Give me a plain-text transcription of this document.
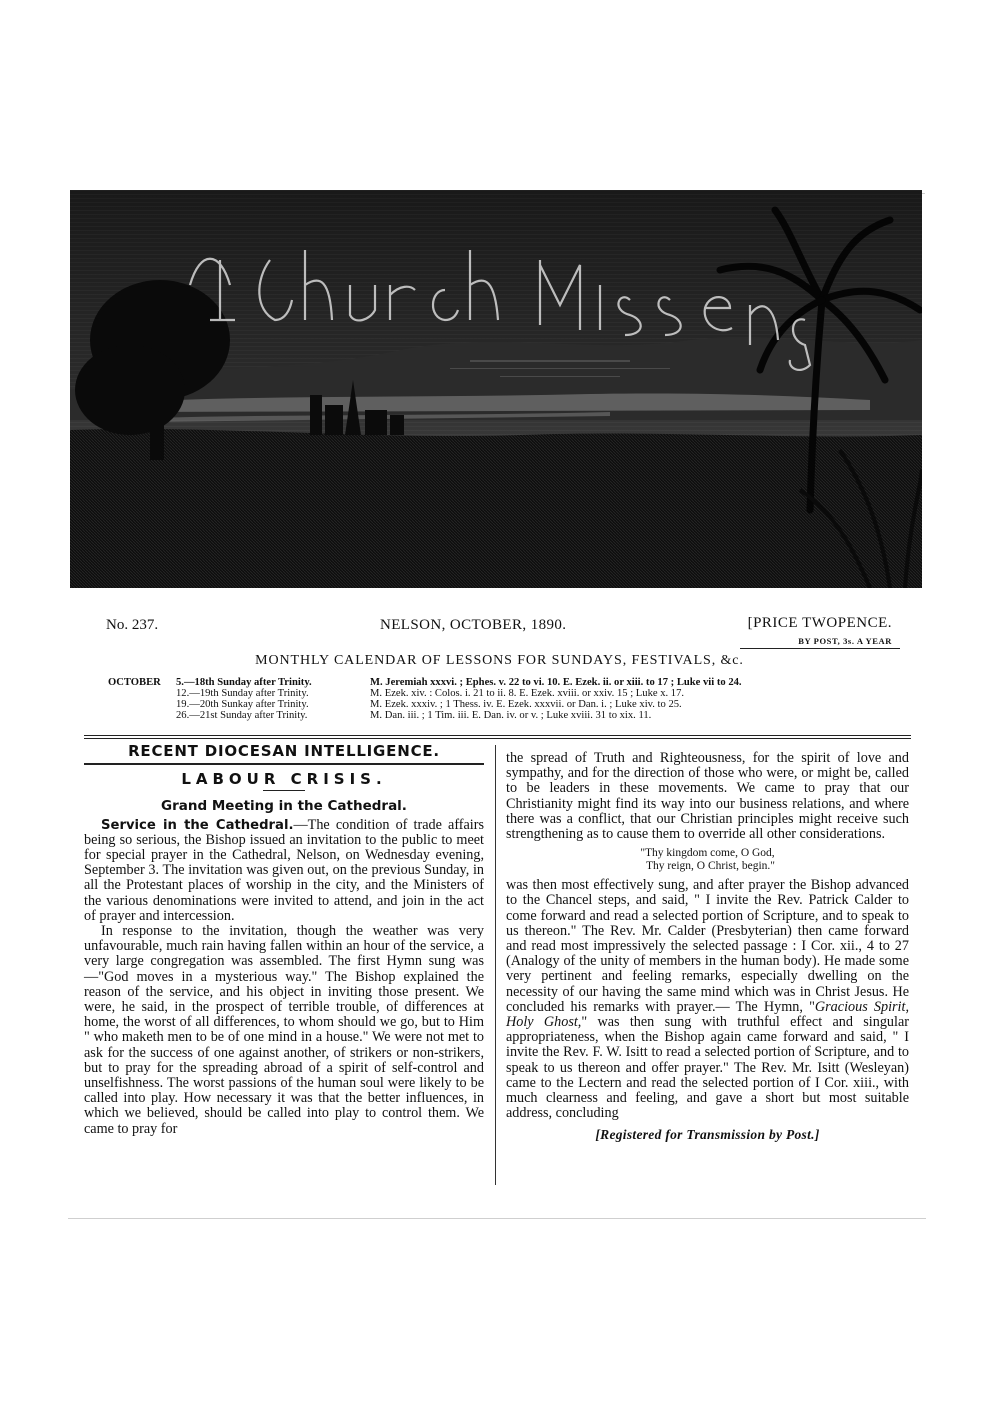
No. 237.	NELSON, OCTOBER, 1890.	[PRICE TWOPENCE.
BY POST, 3s. A YEAR
MONTHLY CALENDAR OF LESSONS FOR SUNDAYS, FESTIVALS, &c.
OCTOBER	5.—18th Sunday after Trinity.	M. Jeremiah xxxvi. ; Ephes. v. 22 to vi. 10. E. Ezek. ii. or xiii. to 17 ; Luke vii to 24.
12.—19th Sunday after Trinity.	M. Ezek. xiv. : Colos. i. 21 to ii. 8. E. Ezek. xviii. or xxiv. 15 ; Luke x. 17.
19.—20th Sunkay after Trinity.	M. Ezek. xxxiv. ; 1 Thess. iv. E. Ezek. xxxvii. or Dan. i. ; Luke xiv. to 25.
26.—21st Sunday after Trinity.	M. Dan. iii. ; 1 Tim. iii. E. Dan. iv. or v. ; Luke xviii. 31 to xix. 11.
RECENT DIOCESAN INTELLIGENCE.
LABOUR CRISIS.
Grand Meeting in the Cathedral.

Service in the Cathedral.—The condition of trade affairs being so serious, the Bishop issued an invitation to the public to meet for special prayer in the Cathedral, Nelson, on Wednesday evening, September 3. The invitation was given out, on the previous Sunday, in all the Protestant places of worship in the city, and the Ministers of the various denominations were invited to attend, and join in the act of prayer and intercession.

In response to the invitation, though the weather was very unfavourable, much rain having fallen within an hour of the service, a very large congregation was assembled. The first Hymn sung was—"God moves in a mysterious way." The Bishop explained the reason of the service, and his object in inviting those present. We were, he said, in the prospect of terrible trouble, of differences at home, the worst of all differences, to whom should we go, but to Him " who maketh men to be of one mind in a house." We were not met to ask for the success of one against another, of strikers or non-strikers, but to pray for the spreading abroad of a spirit of self-control and unselfishness. The worst passions of the human soul were likely to be called into play. How necessary it was that the better influences, in which we believed, should be called into play to control them. We came to pray for

the spread of Truth and Righteousness, for the spirit of love and sympathy, and for the direction of those who were, or might be, called to be leaders in these movements. We came to pray that our Christianity might find its way into our business relations, and where there was a conflict, that our Christian principles might receive such strengthening as to cause them to override all other considerations.

"Thy kingdom come, O God,
Thy reign, O Christ, begin."

was then most effectively sung, and after prayer the Bishop advanced to the Chancel steps, and said, " I invite the Rev. Patrick Calder to come forward and read a selected portion of Scripture, and to speak to us thereon." The Rev. Mr. Calder (Presbyterian) then came forward and read most impressively the selected passage : I Cor. xii., 4 to 27 (Analogy of the unity of members in the human body). He made some very pertinent and feeling remarks, especially dwelling on the necessity of our having the same mind which was in Christ Jesus. He concluded his remarks with prayer.— The Hymn, "Gracious Spirit, Holy Ghost," was then sung with truthful effect and singular appropriateness, when the Bishop again came forward and said, " I invite the Rev. F. W. Isitt to read a selected portion of Scripture, and to speak to us thereon and offer prayer." The Rev. Mr. Isitt (Wesleyan) came to the Lectern and read the selected portion of I Cor. xiii., with much clearness and feeling, and gave a short but most suitable address, concluding

[Registered for Transmission by Post.]
